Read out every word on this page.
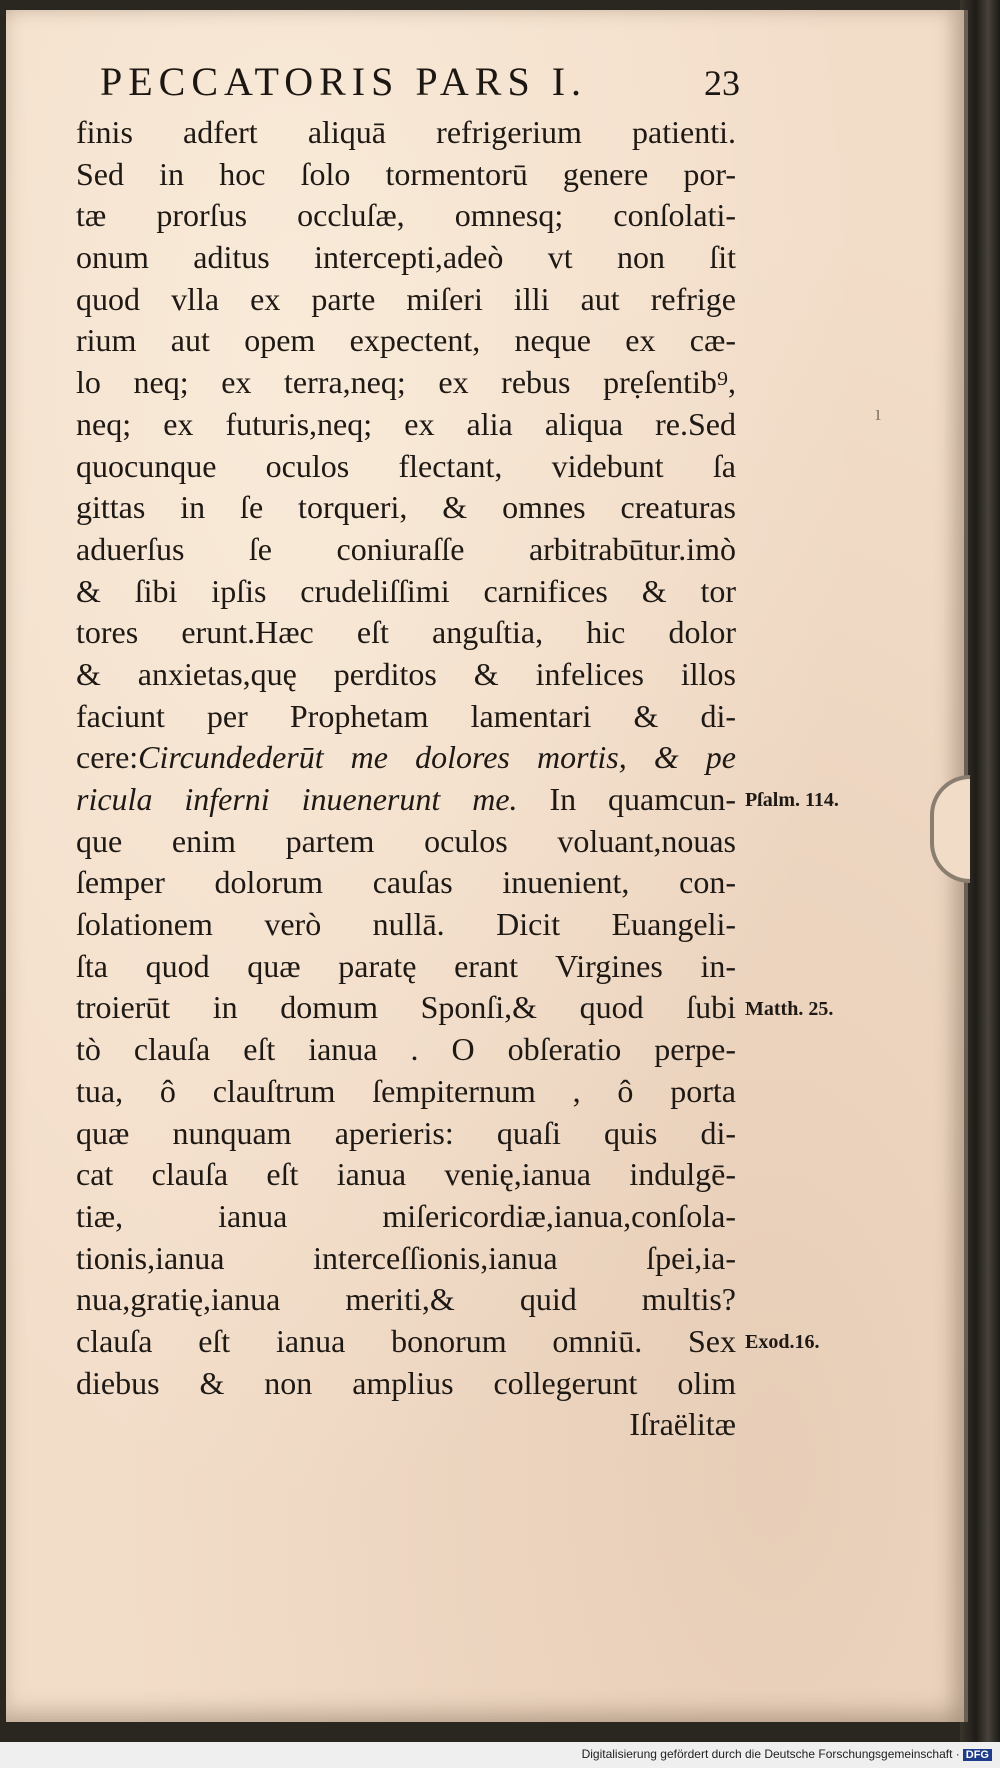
PECCATORIS PARS I.	23
finis adfert aliquā refrigerium patienti.
Sed in hoc ſolo tormentorū genere por-
tæ prorſus occluſæ, omnesq; conſolati-
onum aditus intercepti,adeò vt non ſit
quod vlla ex parte miſeri illi aut refrige
rium aut opem expectent, neque ex cæ-
lo neq; ex terra,neq; ex rebus prẹſentib⁹,
neq; ex futuris,neq; ex alia aliqua re.Sed
quocunque oculos flectant, videbunt ſa
gittas in ſe torqueri, & omnes creaturas
aduerſus ſe coniuraſſe arbitrabūtur.imò
& ſibi ipſis crudeliſſimi carnifices & tor
tores erunt.Hæc eſt anguſtia, hic dolor
& anxietas,quę perditos & infelices illos
faciunt per Prophetam lamentari & di-
cere:Circundederūt me dolores mortis, & pe
ricula inferni inuenerunt me. In quamcun-
que enim partem oculos voluant,nouas
ſemper dolorum cauſas inuenient, con-
ſolationem verò nullā. Dicit Euangeli-
ſta quod quæ paratę erant Virgines in-
troierūt in domum Sponſi,& quod ſubi
tò clauſa eſt ianua . O obſeratio perpe-
tua, ô clauſtrum ſempiternum , ô porta
quæ nunquam aperieris: quaſi quis di-
cat clauſa eſt ianua venię,ianua indulgē-
tiæ, ianua miſericordiæ,ianua,conſola-
tionis,ianua interceſſionis,ianua ſpei,ia-
nua,gratię,ianua meriti,& quid multis?
clauſa eſt ianua bonorum omniū. Sex
diebus & non amplius collegerunt olim
Iſraëlitæ
Pſalm. 114.
Matth. 25.
Exod.16.
ı
Digitalisierung gefördert durch die Deutsche Forschungsgemeinschaft · DFG
